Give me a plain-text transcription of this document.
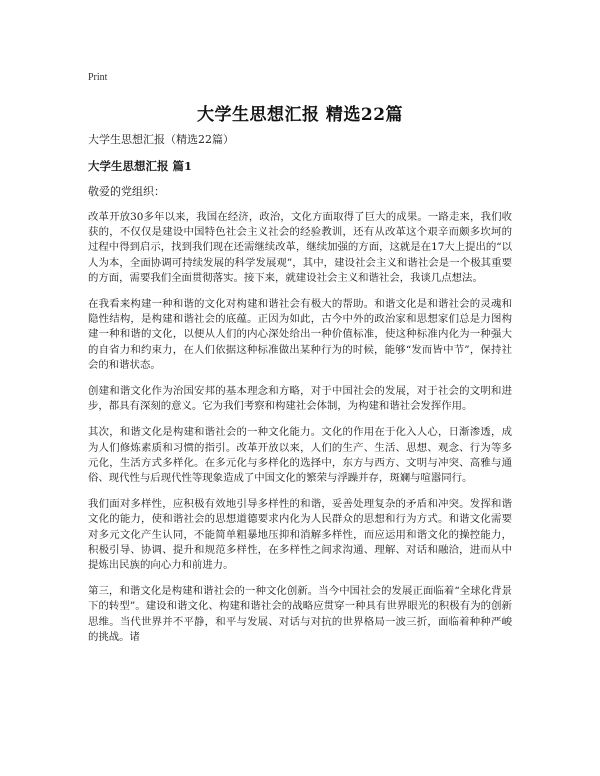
Print
大学生思想汇报 精选22篇

大学生思想汇报（精选22篇）

大学生思想汇报 篇1

敬爱的党组织：

改革开放30多年以来，我国在经济，政治，文化方面取得了巨大的成果。一路走来，我们收获的，不仅仅是建设中国特色社会主义社会的经验教训，还有从改革这个艰辛而颇多坎坷的过程中得到启示，找到我们现在还需继续改革，继续加强的方面，这就是在17大上提出的“以人为本，全面协调可持续发展的科学发展观”，其中，建设社会主义和谐社会是一个极其重要的方面，需要我们全面贯彻落实。接下来，就建设社会主义和谐社会，我谈几点想法。

在我看来构建一种和谐的文化对构建和谐社会有极大的帮助。和谐文化是和谐社会的灵魂和隐性结构，是构建和谐社会的底蕴。正因为如此，古今中外的政治家和思想家们总是力图构建一种和谐的文化，以便从人们的内心深处给出一种价值标准，使这种标准内化为一种强大的自省力和约束力，在人们依据这种标准做出某种行为的时候，能够“发而皆中节”，保持社会的和谐状态。

创建和谐文化作为治国安邦的基本理念和方略，对于中国社会的发展，对于社会的文明和进步，都具有深刻的意义。它为我们考察和构建社会体制，为构建和谐社会发挥作用。

其次，和谐文化是构建和谐社会的一种文化能力。文化的作用在于化入人心，日渐渗透，成为人们修炼素质和习惯的指引。改革开放以来，人们的生产、生活、思想、观念、行为等多元化，生活方式多样化。在多元化与多样化的选择中，东方与西方、文明与冲突、高雅与通俗、现代性与后现代性等现象造成了中国文化的繁荣与浮躁并存，斑斓与喧嚣同行。

我们面对多样性，应积极有效地引导多样性的和谐，妥善处理复杂的矛盾和冲突。发挥和谐文化的能力，使和谐社会的思想道德要求内化为人民群众的思想和行为方式。和谐文化需要对多元文化产生认同，不能简单粗暴地压抑和消解多样性，而应运用和谐文化的操控能力，积极引导、协调、提升和规范多样性，在多样性之间求沟通、理解、对话和融洽，进而从中提炼出民族的向心力和前进力。

第三，和谐文化是构建和谐社会的一种文化创新。当今中国社会的发展正面临着“全球化背景下的转型”。建设和谐文化、构建和谐社会的战略应贯穿一种具有世界眼光的积极有为的创新思维。当代世界并不平静，和平与发展、对话与对抗的世界格局一波三折，面临着种种严峻的挑战。诸
